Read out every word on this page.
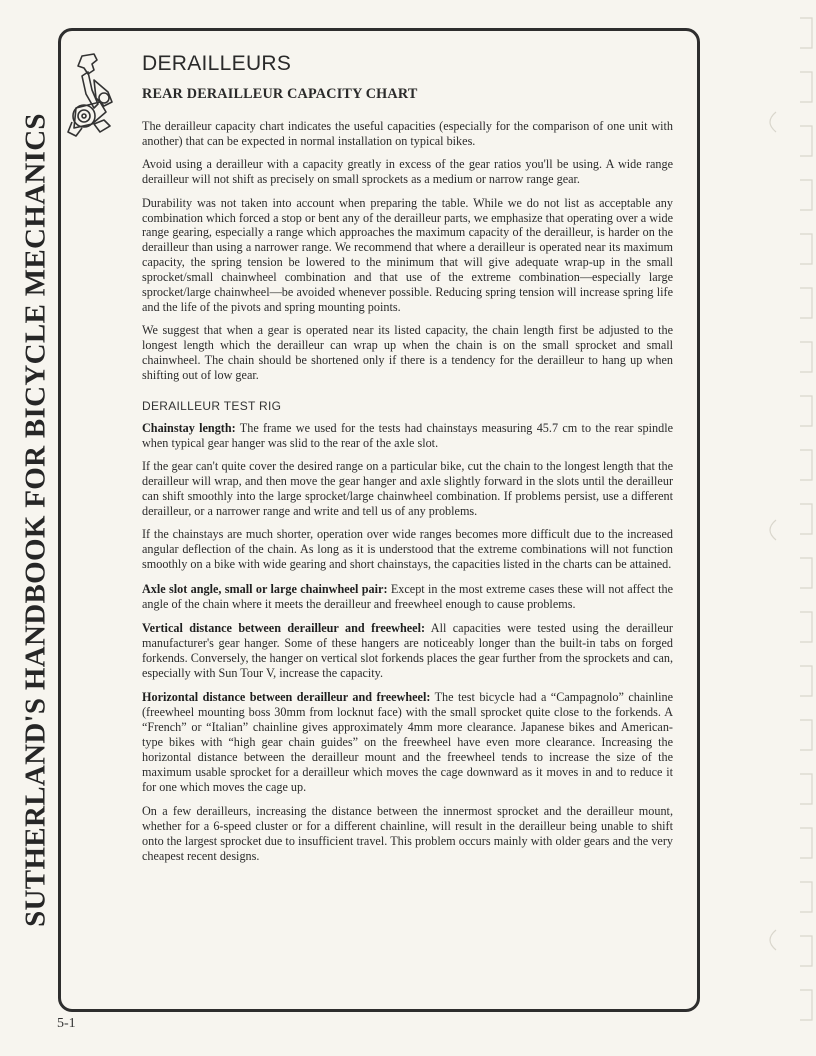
SUTHERLAND'S HANDBOOK FOR BICYCLE MECHANICS
DERAILLEURS
REAR DERAILLEUR CAPACITY CHART

The derailleur capacity chart indicates the useful capacities (especially for the comparison of one unit with another) that can be expected in normal installation on typical bikes.

Avoid using a derailleur with a capacity greatly in excess of the gear ratios you'll be using. A wide range derailleur will not shift as precisely on small sprockets as a medium or narrow range gear.

Durability was not taken into account when preparing the table. While we do not list as acceptable any combination which forced a stop or bent any of the derailleur parts, we emphasize that operating over a wide range gearing, especially a range which approaches the maximum capacity of the derailleur, is harder on the derailleur than using a narrower range. We recommend that where a derailleur is operated near its maximum capacity, the spring tension be lowered to the minimum that will give adequate wrap-up in the small sprocket/small chainwheel combination and that use of the extreme combination—especially large sprocket/large chainwheel—be avoided whenever possible. Reducing spring tension will increase spring life and the life of the pivots and spring mounting points.

We suggest that when a gear is operated near its listed capacity, the chain length first be adjusted to the longest length which the derailleur can wrap up when the chain is on the small sprocket and small chainwheel. The chain should be shortened only if there is a tendency for the derailleur to hang up when shifting out of low gear.

DERAILLEUR TEST RIG

Chainstay length: The frame we used for the tests had chainstays measuring 45.7 cm to the rear spindle when typical gear hanger was slid to the rear of the axle slot.

If the gear can't quite cover the desired range on a particular bike, cut the chain to the longest length that the derailleur will wrap, and then move the gear hanger and axle slightly forward in the slots until the derailleur can shift smoothly into the large sprocket/large chainwheel combination. If problems persist, use a different derailleur, or a narrower range and write and tell us of any problems.

If the chainstays are much shorter, operation over wide ranges becomes more difficult due to the increased angular deflection of the chain. As long as it is understood that the extreme combinations will not function smoothly on a bike with wide gearing and short chainstays, the capacities listed in the charts can be attained.

Axle slot angle, small or large chainwheel pair: Except in the most extreme cases these will not affect the angle of the chain where it meets the derailleur and freewheel enough to cause problems.

Vertical distance between derailleur and freewheel: All capacities were tested using the derailleur manufacturer's gear hanger. Some of these hangers are noticeably longer than the built-in tabs on forged forkends. Conversely, the hanger on vertical slot forkends places the gear further from the sprockets and can, especially with Sun Tour V, increase the capacity.

Horizontal distance between derailleur and freewheel: The test bicycle had a “Campagnolo” chainline (freewheel mounting boss 30mm from locknut face) with the small sprocket quite close to the forkends. A “French” or “Italian” chainline gives approximately 4mm more clearance. Japanese bikes and American-type bikes with “high gear chain guides” on the freewheel have even more clearance. Increasing the horizontal distance between the derailleur mount and the freewheel tends to increase the size of the maximum usable sprocket for a derailleur which moves the cage downward as it moves in and to reduce it for one which moves the cage up.

On a few derailleurs, increasing the distance between the innermost sprocket and the derailleur mount, whether for a 6-speed cluster or for a different chainline, will result in the derailleur being unable to shift onto the largest sprocket due to insufficient travel. This problem occurs mainly with older gears and the very cheapest recent designs.

5-1
